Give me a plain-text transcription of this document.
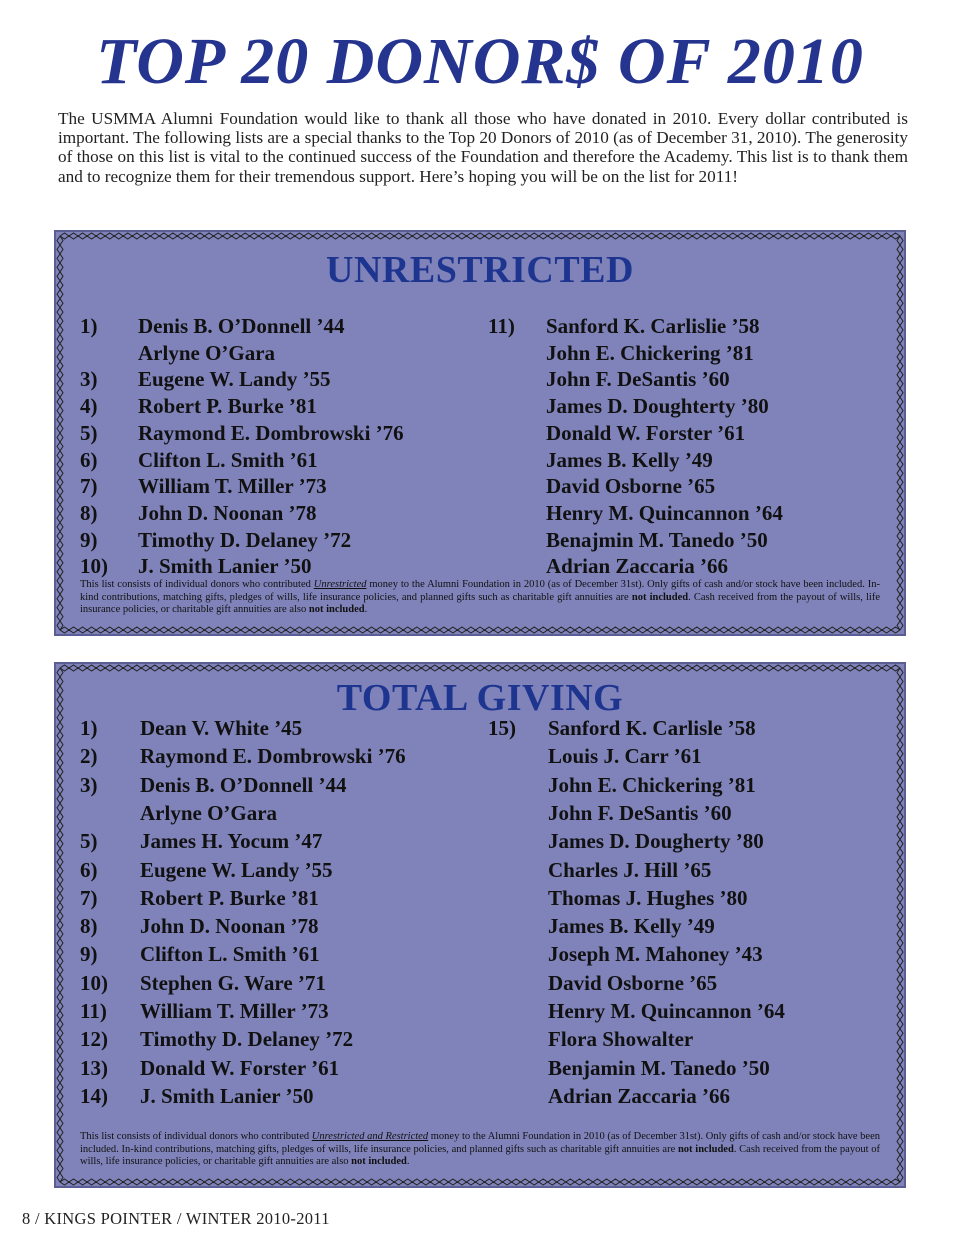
TOP 20 DONOR$ OF 2010

The USMMA Alumni Foundation would like to thank all those who have donated in 2010. Every dollar contributed is important. The following lists are a special thanks to the Top 20 Donors of 2010 (as of December 31, 2010). The generosity of those on this list is vital to the continued success of the Foundation and therefore the Academy. This list is to thank them and to recognize them for their tremendous support. Here’s hoping you will be on the list for 2011!

UNRESTRICTED
1) Denis B. O’Donnell ’44
Arlyne O’Gara
3) Eugene W. Landy ’55
4) Robert P. Burke ’81
5) Raymond E. Dombrowski ’76
6) Clifton L. Smith ’61
7) William T. Miller ’73
8) John D. Noonan ’78
9) Timothy D. Delaney ’72
10) J. Smith Lanier ’50
11) Sanford K. Carlislie ’58
John E. Chickering ’81
John F. DeSantis ’60
James D. Doughterty ’80
Donald W. Forster ’61
James B. Kelly ’49
David Osborne ’65
Henry M. Quincannon ’64
Benajmin M. Tanedo ’50
Adrian Zaccaria ’66

This list consists of individual donors who contributed Unrestricted money to the Alumni Foundation in 2010 (as of December 31st). Only gifts of cash and/or stock have been included. In-kind contributions, matching gifts, pledges of wills, life insurance policies, and planned gifts such as charitable gift annuities are not included. Cash received from the payout of wills, life insurance policies, or charitable gift annuities are also not included.

TOTAL GIVING
1) Dean V. White ’45
2) Raymond E. Dombrowski ’76
3) Denis B. O’Donnell ’44
Arlyne O’Gara
5) James H. Yocum ’47
6) Eugene W. Landy ’55
7) Robert P. Burke ’81
8) John D. Noonan ’78
9) Clifton L. Smith ’61
10) Stephen G. Ware ’71
11) William T. Miller ’73
12) Timothy D. Delaney ’72
13) Donald W. Forster ’61
14) J. Smith Lanier ’50
15) Sanford K. Carlisle ’58
Louis J. Carr ’61
John E. Chickering ’81
John F. DeSantis ’60
James D. Dougherty ’80
Charles J. Hill ’65
Thomas J. Hughes ’80
James B. Kelly ’49
Joseph M. Mahoney ’43
David Osborne ’65
Henry M. Quincannon ’64
Flora Showalter
Benjamin M. Tanedo ’50
Adrian Zaccaria ’66

This list consists of individual donors who contributed Unrestricted and Restricted money to the Alumni Foundation in 2010 (as of December 31st). Only gifts of cash and/or stock have been included. In-kind contributions, matching gifts, pledges of wills, life insurance policies, and planned gifts such as charitable gift annuities are not included. Cash received from the payout of wills, life insurance policies, or charitable gift annuities are also not included.

8 / KINGS POINTER / WINTER 2010-2011
